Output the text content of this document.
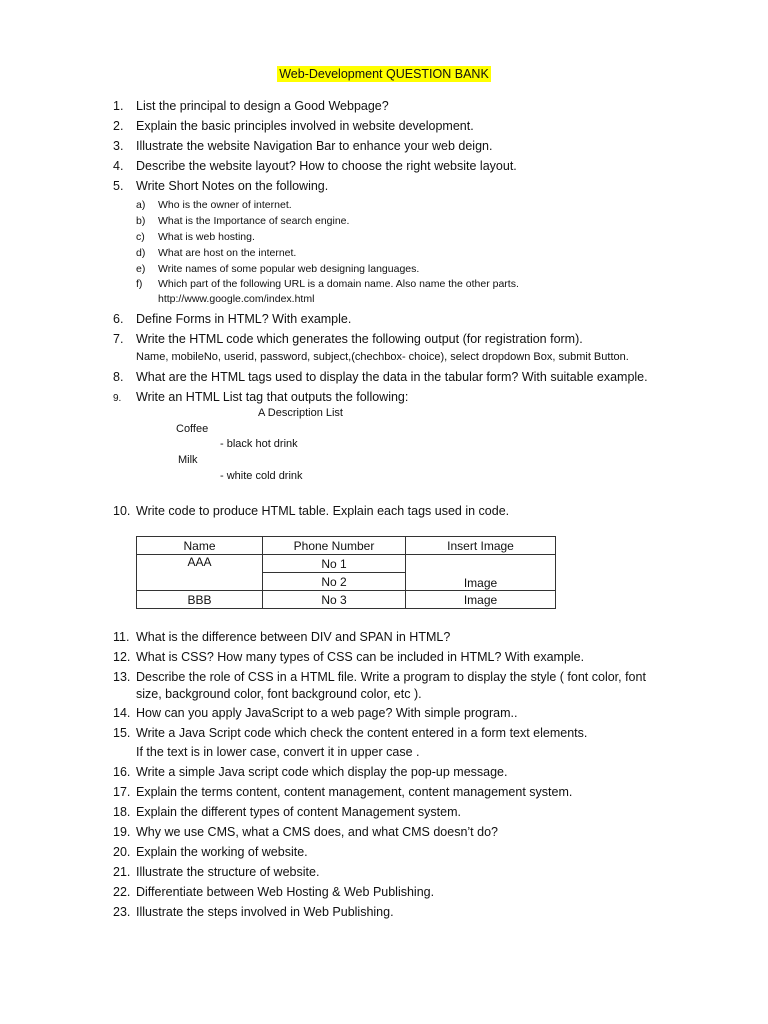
Web-Development QUESTION BANK
1. List the principal to design a Good Webpage?
2. Explain the basic principles involved in website development.
3. Illustrate the website Navigation Bar to enhance your web deign.
4. Describe the website layout? How to choose the right website layout.
5. Write Short Notes on the following.
a) Who is the owner of internet.
b) What is the Importance of search engine.
c) What is web hosting.
d) What are host on the internet.
e) Write names of some popular web designing languages.
f) Which part of the following URL is a domain name. Also name the other parts.
http://www.google.com/index.html
6. Define Forms in HTML? With example.
7. Write the HTML code which generates the following output (for registration form).
Name, mobileNo, userid, password, subject,(chechbox- choice), select dropdown Box, submit Button.
8. What are the HTML tags used to display the data in the tabular form? With suitable example.
9. Write an HTML List tag that outputs the following:
A Description List
Coffee
- black hot drink
Milk
- white cold drink
10. Write code to produce HTML table. Explain each tags used in code.
Name	Phone Number	Insert Image
AAA	No 1	Image
	No 2	
BBB	No 3	Image
11. What is the difference between DIV and SPAN in HTML?
12. What is CSS? How many types of CSS can be included in HTML? With example.
13. Describe the role of CSS in a HTML file. Write a program to display the style ( font color, font
size, background color, font background color, etc ).
14. How can you apply JavaScript to a web page? With simple program..
15. Write a Java Script code which check the content entered in a form text elements.
If the text is in lower case, convert it in upper case .
16. Write a simple Java script code which display the pop-up message.
17. Explain the terms content, content management, content management system.
18. Explain the different types of content Management system.
19. Why we use CMS, what a CMS does, and what CMS doesn’t do?
20. Explain the working of website.
21. Illustrate the structure of website.
22. Differentiate between Web Hosting & Web Publishing.
23. Illustrate the steps involved in Web Publishing.
